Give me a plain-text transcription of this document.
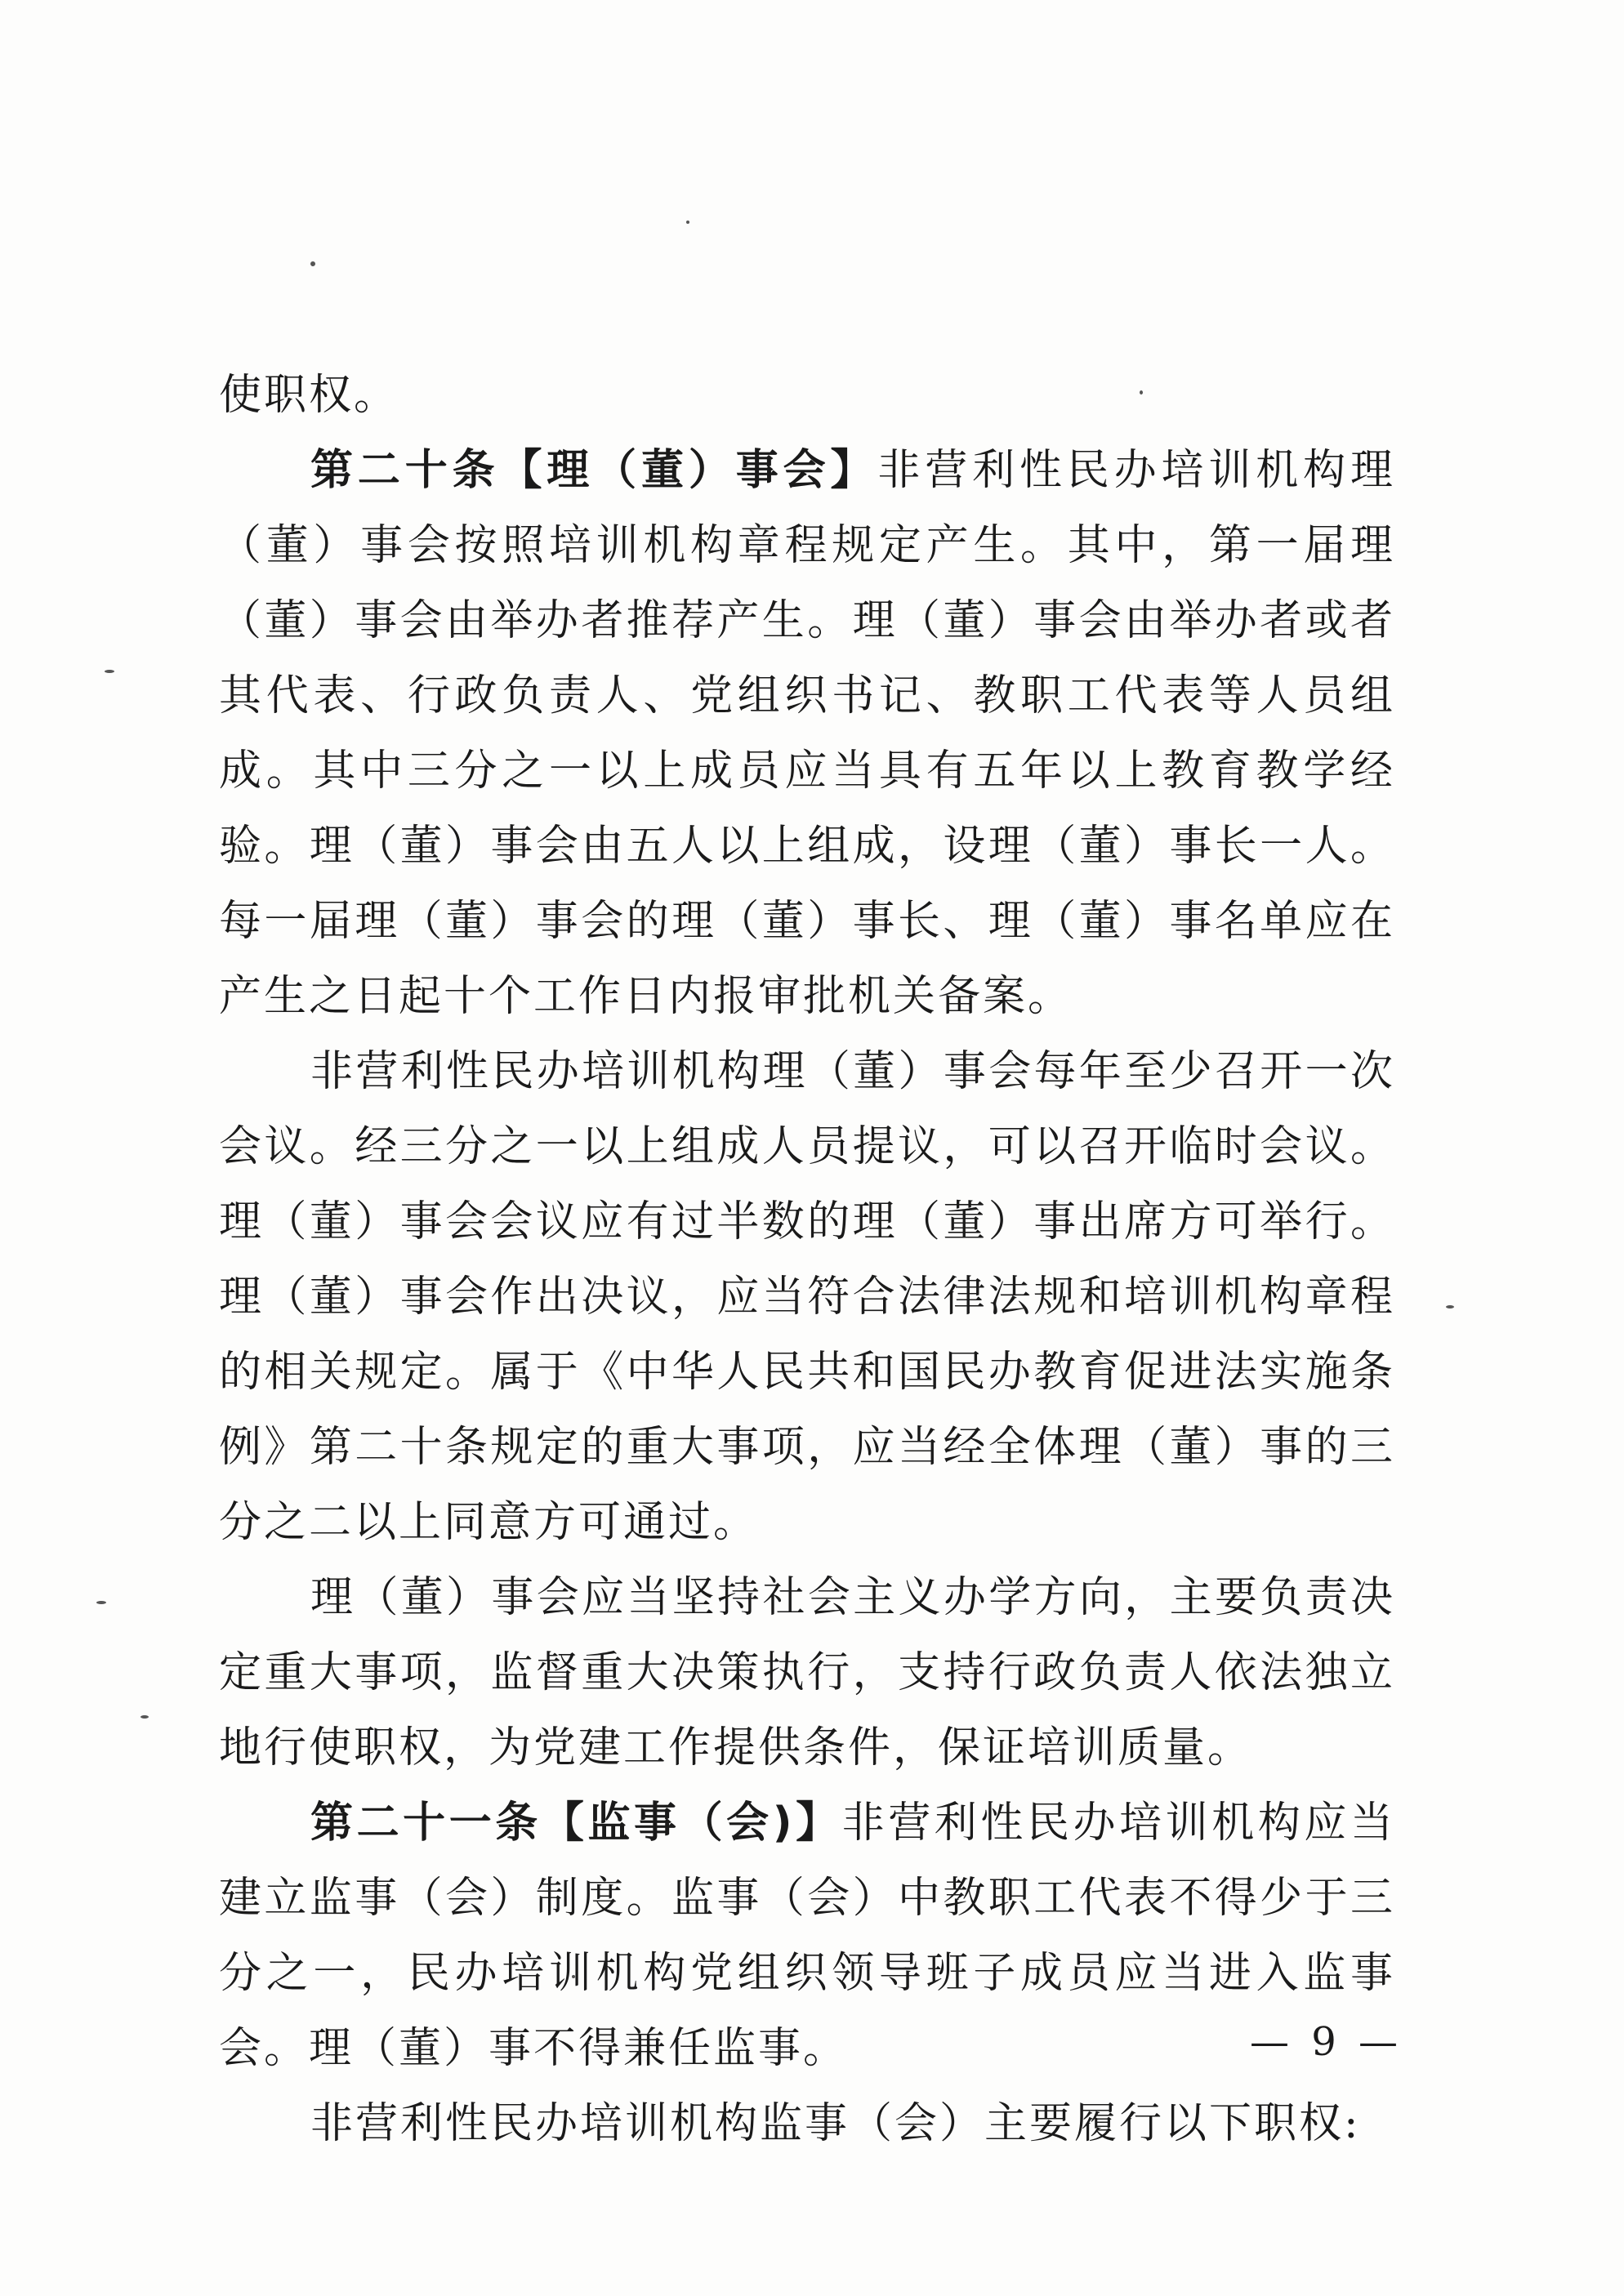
使职权。

第二十条【理（董）事会】非营利性民办培训机构理（董）事会按照培训机构章程规定产生。其中，第一届理（董）事会由举办者推荐产生。理（董）事会由举办者或者其代表、行政负责人、党组织书记、教职工代表等人员组成。其中三分之一以上成员应当具有五年以上教育教学经验。理（董）事会由五人以上组成，设理（董）事长一人。每一届理（董）事会的理（董）事长、理（董）事名单应在产生之日起十个工作日内报审批机关备案。

非营利性民办培训机构理（董）事会每年至少召开一次会议。经三分之一以上组成人员提议，可以召开临时会议。理（董）事会会议应有过半数的理（董）事出席方可举行。理（董）事会作出决议，应当符合法律法规和培训机构章程的相关规定。属于《中华人民共和国民办教育促进法实施条例》第二十条规定的重大事项，应当经全体理（董）事的三分之二以上同意方可通过。

理（董）事会应当坚持社会主义办学方向，主要负责决定重大事项，监督重大决策执行，支持行政负责人依法独立地行使职权，为党建工作提供条件，保证培训质量。

第二十一条【监事（会)】非营利性民办培训机构应当建立监事（会）制度。监事（会）中教职工代表不得少于三分之一，民办培训机构党组织领导班子成员应当进入监事会。理（董）事不得兼任监事。

非营利性民办培训机构监事（会）主要履行以下职权:

— 9 —
